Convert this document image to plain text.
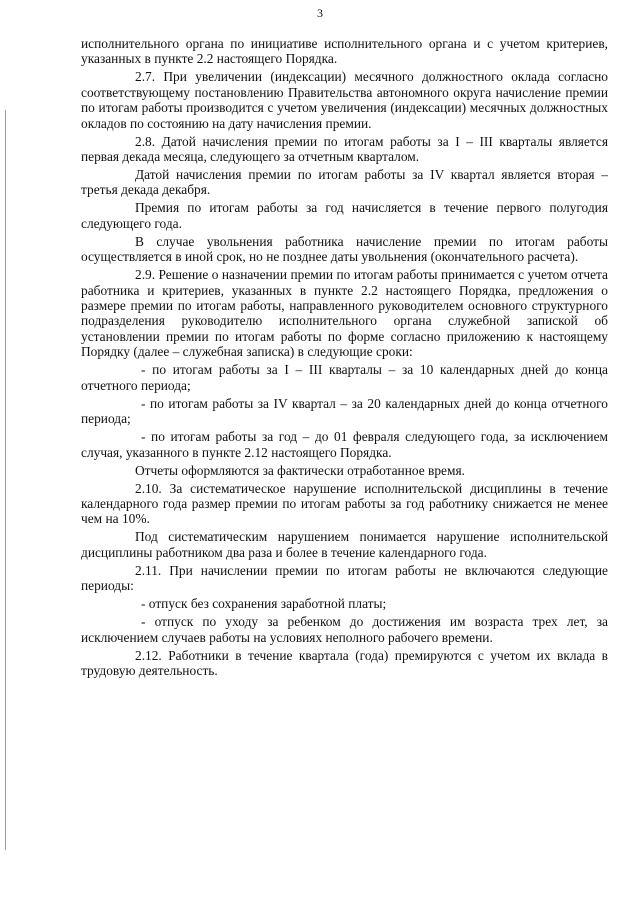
3

исполнительного органа по инициативе исполнительного органа и с учетом критериев, указанных в пункте 2.2 настоящего Порядка.

2.7. При увеличении (индексации) месячного должностного оклада согласно соответствующему постановлению Правительства автономного округа начисление премии по итогам работы производится с учетом увеличения (индексации) месячных должностных окладов по состоянию на дату начисления премии.

2.8. Датой начисления премии по итогам работы за I – III кварталы является первая декада месяца, следующего за отчетным кварталом.

Датой начисления премии по итогам работы за IV квартал является вторая – третья декада декабря.

Премия по итогам работы за год начисляется в течение первого полугодия следующего года.

В случае увольнения работника начисление премии по итогам работы осуществляется в иной срок, но не позднее даты увольнения (окончательного расчета).

2.9. Решение о назначении премии по итогам работы принимается с учетом отчета работника и критериев, указанных в пункте 2.2 настоящего Порядка, предложения о размере премии по итогам работы, направленного руководителем основного структурного подразделения руководителю исполнительного органа служебной запиской об установлении премии по итогам работы по форме согласно приложению к настоящему Порядку (далее – служебная записка) в следующие сроки:

- по итогам работы за I – III кварталы – за 10 календарных дней до конца отчетного периода;

- по итогам работы за IV квартал – за 20 календарных дней до конца отчетного периода;

- по итогам работы за год – до 01 февраля следующего года, за исключением случая, указанного в пункте 2.12 настоящего Порядка.

Отчеты оформляются за фактически отработанное время.

2.10. За систематическое нарушение исполнительской дисциплины в течение календарного года размер премии по итогам работы за год работнику снижается не менее чем на 10%.

Под систематическим нарушением понимается нарушение исполнительской дисциплины работником два раза и более в течение календарного года.

2.11. При начислении премии по итогам работы не включаются следующие периоды:

- отпуск без сохранения заработной платы;

- отпуск по уходу за ребенком до достижения им возраста трех лет, за исключением случаев работы на условиях неполного рабочего времени.

2.12. Работники в течение квартала (года) премируются с учетом их вклада в трудовую деятельность.
